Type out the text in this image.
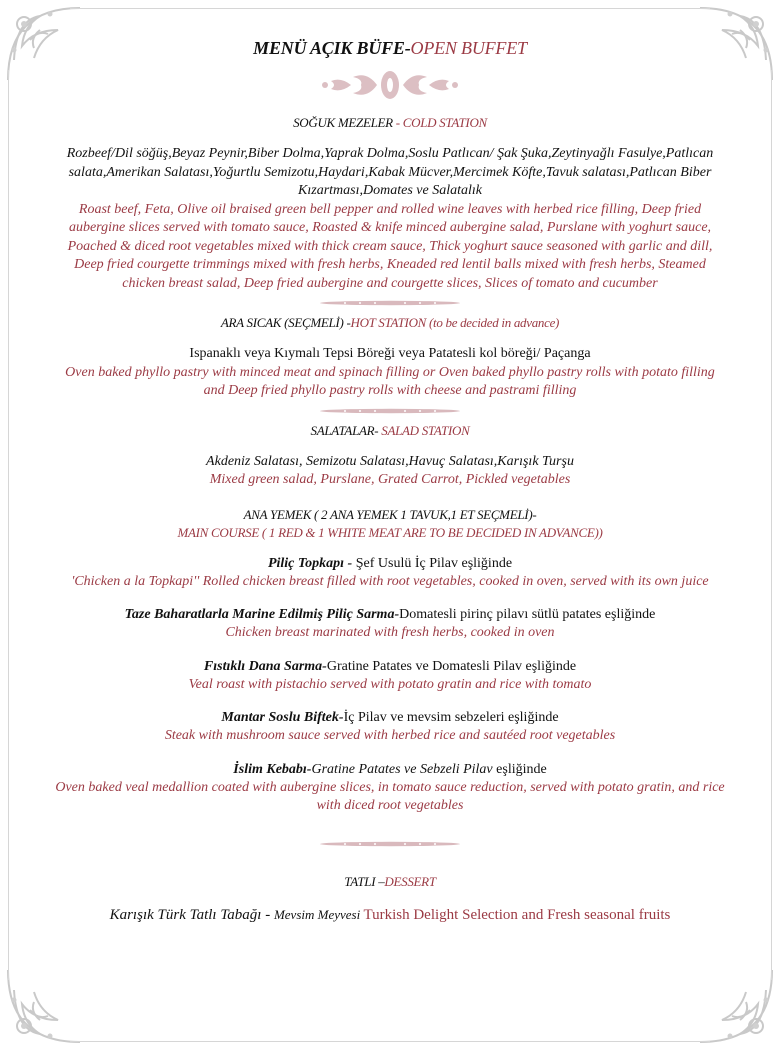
MENÜ AÇIK BÜFE-OPEN BUFFET

SOĞUK MEZELER - COLD STATION

Rozbeef/Dil söğüş,Beyaz Peynir,Biber Dolma,Yaprak Dolma,Soslu Patlıcan/ Şak Şuka,Zeytinyağlı Fasulye,Patlıcan salata,Amerikan Salatası,Yoğurtlu Semizotu,Haydari,Kabak Mücver,Mercimek Köfte,Tavuk salatası,Patlıcan Biber Kızartması,Domates ve Salatalık

Roast beef, Feta, Olive oil braised green bell pepper and rolled wine leaves with herbed rice filling, Deep fried aubergine slices served with tomato sauce, Roasted & knife minced aubergine salad, Purslane with yoghurt sauce, Poached & diced root vegetables mixed with thick cream sauce, Thick yoghurt sauce seasoned with garlic and dill, Deep fried courgette trimmings mixed with fresh herbs, Kneaded red lentil balls mixed with fresh herbs, Steamed chicken breast salad, Deep fried aubergine and courgette slices, Slices of tomato and cucumber

ARA SICAK (SEÇMELİ) -HOT STATION (to be decided in advance)

Ispanaklı veya Kıymalı Tepsi Böreği veya Patatesli kol böreği/ Paçanga

Oven baked phyllo pastry with minced meat and spinach filling or Oven baked phyllo pastry rolls with potato filling and Deep fried phyllo pastry rolls with cheese and pastrami filling

SALATALAR- SALAD STATION

Akdeniz Salatası, Semizotu Salatası,Havuç Salatası,Karışık Turşu

Mixed green salad, Purslane, Grated Carrot, Pickled vegetables

ANA YEMEK ( 2 ANA YEMEK 1 TAVUK,1 ET SEÇMELİ)-
MAIN COURSE ( 1 RED & 1 WHITE MEAT ARE TO BE DECIDED IN ADVANCE))

Piliç Topkapı - Şef Usulü İç Pilav eşliğinde

'Chicken a la Topkapi'' Rolled chicken breast filled with root vegetables, cooked in oven, served with its own juice

Taze Baharatlarla Marine Edilmiş Piliç Sarma-Domatesli pirinç pilavı sütlü patates eşliğinde

Chicken breast marinated with fresh herbs, cooked in oven

Fıstıklı Dana Sarma-Gratine Patates ve Domatesli Pilav eşliğinde

Veal roast with pistachio served with potato gratin and rice with tomato

Mantar Soslu Biftek-İç Pilav ve mevsim sebzeleri eşliğinde

Steak with mushroom sauce served with herbed rice and sautéed root vegetables

İslim Kebabı-Gratine Patates ve Sebzeli Pilav eşliğinde

Oven baked veal medallion coated with aubergine slices, in tomato sauce reduction, served with potato gratin, and rice with diced root vegetables

TATLI –DESSERT

Karışık Türk Tatlı Tabağı - Mevsim Meyvesi Turkish Delight Selection and Fresh seasonal fruits
